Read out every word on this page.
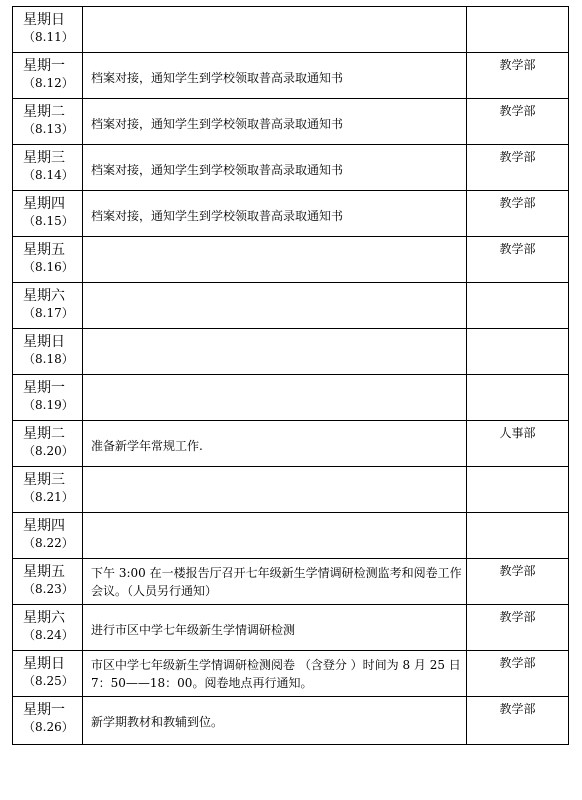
星期日
（8.11）		

星期一
（8.12）	档案对接，通知学生到学校领取普高录取通知书	教学部

星期二
（8.13）	档案对接，通知学生到学校领取普高录取通知书	教学部

星期三
（8.14）	档案对接，通知学生到学校领取普高录取通知书	教学部

星期四
（8.15）	档案对接，通知学生到学校领取普高录取通知书	教学部

星期五
（8.16）		教学部

星期六
（8.17）		

星期日
（8.18）		

星期一
（8.19）		

星期二
（8.20）	准备新学年常规工作.	人事部

星期三
（8.21）		

星期四
（8.22）		

星期五
（8.23）	下午 3:00 在一楼报告厅召开七年级新生学情调研检测监考和阅卷工作会议。（人员另行通知）	教学部

星期六
（8.24）	进行市区中学七年级新生学情调研检测	教学部

星期日
（8.25）	市区中学七年级新生学情调研检测阅卷 （含登分 ）时间为 8 月 25 日 7：50——18：00。阅卷地点再行通知。	教学部

星期一
（8.26）	新学期教材和教辅到位。	教学部
